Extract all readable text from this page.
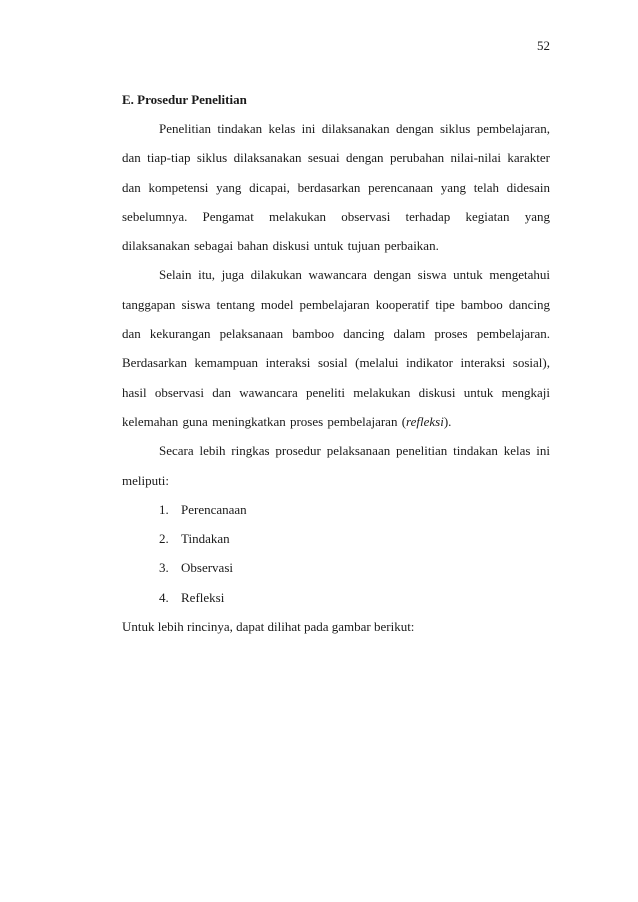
52
E. Prosedur Penelitian

Penelitian tindakan kelas ini dilaksanakan dengan siklus pembelajaran, dan tiap-tiap siklus dilaksanakan sesuai dengan perubahan nilai-nilai karakter dan kompetensi yang dicapai, berdasarkan perencanaan yang telah didesain sebelumnya. Pengamat melakukan observasi terhadap kegiatan yang dilaksanakan sebagai bahan diskusi untuk tujuan perbaikan.

Selain itu, juga dilakukan wawancara dengan siswa untuk mengetahui tanggapan siswa tentang model pembelajaran kooperatif tipe bamboo dancing dan kekurangan pelaksanaan bamboo dancing dalam proses pembelajaran. Berdasarkan kemampuan interaksi sosial (melalui indikator interaksi sosial), hasil observasi dan wawancara peneliti melakukan diskusi untuk mengkaji kelemahan guna meningkatkan proses pembelajaran (refleksi).

Secara lebih ringkas prosedur pelaksanaan penelitian tindakan kelas ini meliputi:

1. Perencanaan
2. Tindakan
3. Observasi
4. Refleksi
Untuk lebih rincinya, dapat dilihat pada gambar berikut:
